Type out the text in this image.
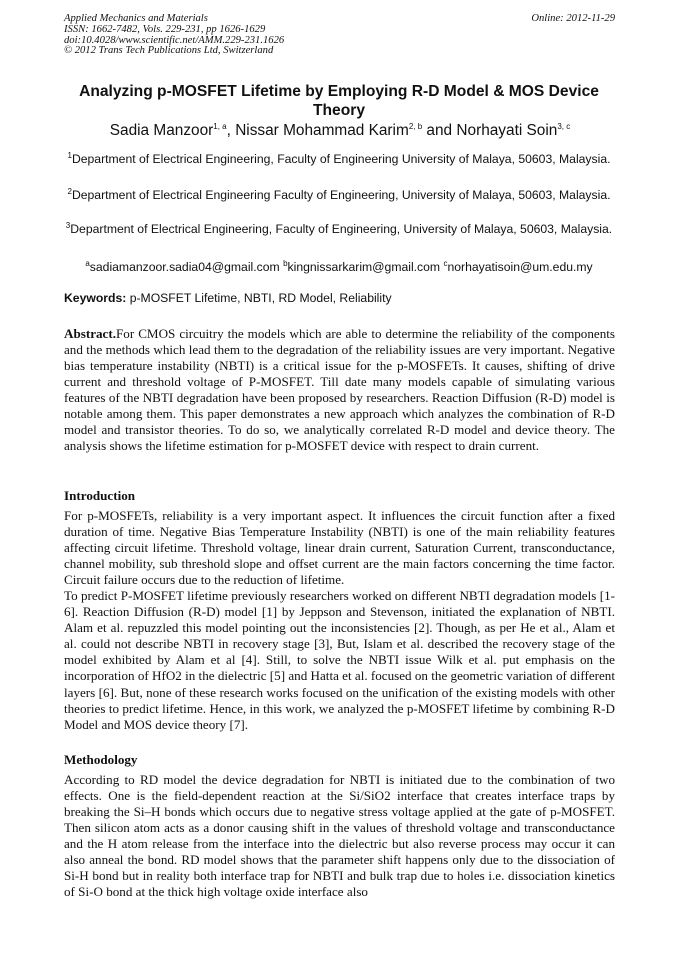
Applied Mechanics and Materials
ISSN: 1662-7482, Vols. 229-231, pp 1626-1629
doi:10.4028/www.scientific.net/AMM.229-231.1626
© 2012 Trans Tech Publications Ltd, Switzerland
Online: 2012-11-29
Analyzing p-MOSFET Lifetime by Employing R-D Model & MOS Device Theory
Sadia Manzoor$^{1, a}$, Nissar Mohammad Karim$^{2, b}$ and Norhayati Soin$^{3, c}$
$^1$Department of Electrical Engineering, Faculty of Engineering University of Malaya, 50603, Malaysia.
$^2$Department of Electrical Engineering Faculty of Engineering, University of Malaya, 50603, Malaysia.
$^3$Department of Electrical Engineering, Faculty of Engineering, University of Malaya, 50603, Malaysia.
$^a$sadiamanzoor.sadia04@gmail.com $^b$kingnissarkarim@gmail.com $^c$norhayatisoin@um.edu.my
Keywords: p-MOSFET Lifetime, NBTI, RD Model, Reliability

Abstract.For CMOS circuitry the models which are able to determine the reliability of the components and the methods which lead them to the degradation of the reliability issues are very important. Negative bias temperature instability (NBTI) is a critical issue for the p-MOSFETs. It causes, shifting of drive current and threshold voltage of P-MOSFET. Till date many models capable of simulating various features of the NBTI degradation have been proposed by researchers. Reaction Diffusion (R-D) model is notable among them. This paper demonstrates a new approach which analyzes the combination of R-D model and transistor theories. To do so, we analytically correlated R-D model and device theory. The analysis shows the lifetime estimation for p-MOSFET device with respect to drain current.

Introduction

For p-MOSFETs, reliability is a very important aspect. It influences the circuit function after a fixed duration of time. Negative Bias Temperature Instability (NBTI) is one of the main reliability features affecting circuit lifetime. Threshold voltage, linear drain current, Saturation Current, transconductance, channel mobility, sub threshold slope and offset current are the main factors concerning the time factor. Circuit failure occurs due to the reduction of lifetime.

To predict P-MOSFET lifetime previously researchers worked on different NBTI degradation models [1-6]. Reaction Diffusion (R-D) model [1] by Jeppson and Stevenson, initiated the explanation of NBTI. Alam et al. repuzzled this model pointing out the inconsistencies [2]. Though, as per He et al., Alam et al. could not describe NBTI in recovery stage [3], But, Islam et al. described the recovery stage of the model exhibited by Alam et al [4]. Still, to solve the NBTI issue Wilk et al. put emphasis on the incorporation of HfO2 in the dielectric [5] and Hatta et al. focused on the geometric variation of different layers [6]. But, none of these research works focused on the unification of the existing models with other theories to predict lifetime. Hence, in this work, we analyzed the p-MOSFET lifetime by combining R-D Model and MOS device theory [7].

Methodology

According to RD model the device degradation for NBTI is initiated due to the combination of two effects. One is the field-dependent reaction at the Si/SiO2 interface that creates interface traps by breaking the Si–H bonds which occurs due to negative stress voltage applied at the gate of p-MOSFET. Then silicon atom acts as a donor causing shift in the values of threshold voltage and transconductance and the H atom release from the interface into the dielectric but also reverse process may occur it can also anneal the bond. RD model shows that the parameter shift happens only due to the dissociation of Si-H bond but in reality both interface trap for NBTI and bulk trap due to holes i.e. dissociation kinetics of Si-O bond at the thick high voltage oxide interface also
